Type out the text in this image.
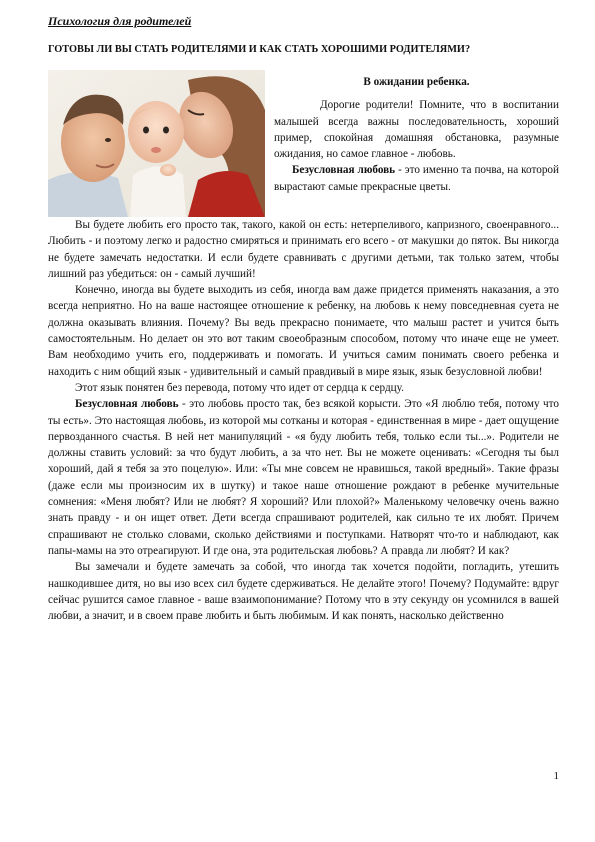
Психология для родителей
ГОТОВЫ ЛИ ВЫ СТАТЬ РОДИТЕЛЯМИ И КАК СТАТЬ ХОРОШИМИ РОДИТЕЛЯМИ?
В ожидании ребенка.
Дорогие родители! Помните, что в воспитании малышей всегда важны последовательность, хороший пример, спокойная домашняя обстановка, разумные ожидания, но самое главное - любовь.
Безусловная любовь - это именно та почва, на которой вырастают самые прекрасные цветы.

Вы будете любить его просто так, такого, какой он есть: нетерпеливого, капризного, своенравного... Любить - и поэтому легко и радостно смиряться и принимать его всего - от макушки до пяток. Вы никогда не будете замечать недостатки. И если будете сравнивать с другими детьми, так только затем, чтобы лишний раз убедиться: он - самый лучший!

Конечно, иногда вы будете выходить из себя, иногда вам даже придется применять наказания, а это всегда неприятно. Но на ваше настоящее отношение к ребенку, на любовь к нему повседневная суета не должна оказывать влияния. Почему? Вы ведь прекрасно понимаете, что малыш растет и учится быть самостоятельным. Но делает он это вот таким своеобразным способом, потому что иначе еще не умеет. Вам необходимо учить его, поддерживать и помогать. И учиться самим понимать своего ребенка и находить с ним общий язык - удивительный и самый правдивый в мире язык, язык безусловной любви!

Этот язык понятен без перевода, потому что идет от сердца к сердцу.

Безусловная любовь - это любовь просто так, без всякой корысти. Это «Я люблю тебя, потому что ты есть». Это настоящая любовь, из которой мы сотканы и которая - единственная в мире - дает ощущение первозданного счастья. В ней нет манипуляций - «я буду любить тебя, только если ты...». Родители не должны ставить условий: за что будут любить, а за что нет. Вы не можете оценивать: «Сегодня ты был хороший, дай я тебя за это поцелую». Или: «Ты мне совсем не нравишься, такой вредный». Такие фразы (даже если мы произносим их в шутку) и такое наше отношение рождают в ребенке мучительные сомнения: «Меня любят? Или не любят? Я хороший? Или плохой?» Маленькому человечку очень важно знать правду - и он ищет ответ. Дети всегда спрашивают родителей, как сильно те их любят. Причем спрашивают не столько словами, сколько действиями и поступками. Натворят что-то и наблюдают, как папы-мамы на это отреагируют. И где она, эта родительская любовь? А правда ли любят? И как?

Вы замечали и будете замечать за собой, что иногда так хочется подойти, погладить, утешить нашкодившее дитя, но вы изо всех сил будете сдерживаться. Не делайте этого! Почему? Подумайте: вдруг сейчас рушится самое главное - ваше взаимопонимание? Потому что в эту секунду он усомнился в вашей любви, а значит, и в своем праве любить и быть любимым. И как понять, насколько действенно

1
